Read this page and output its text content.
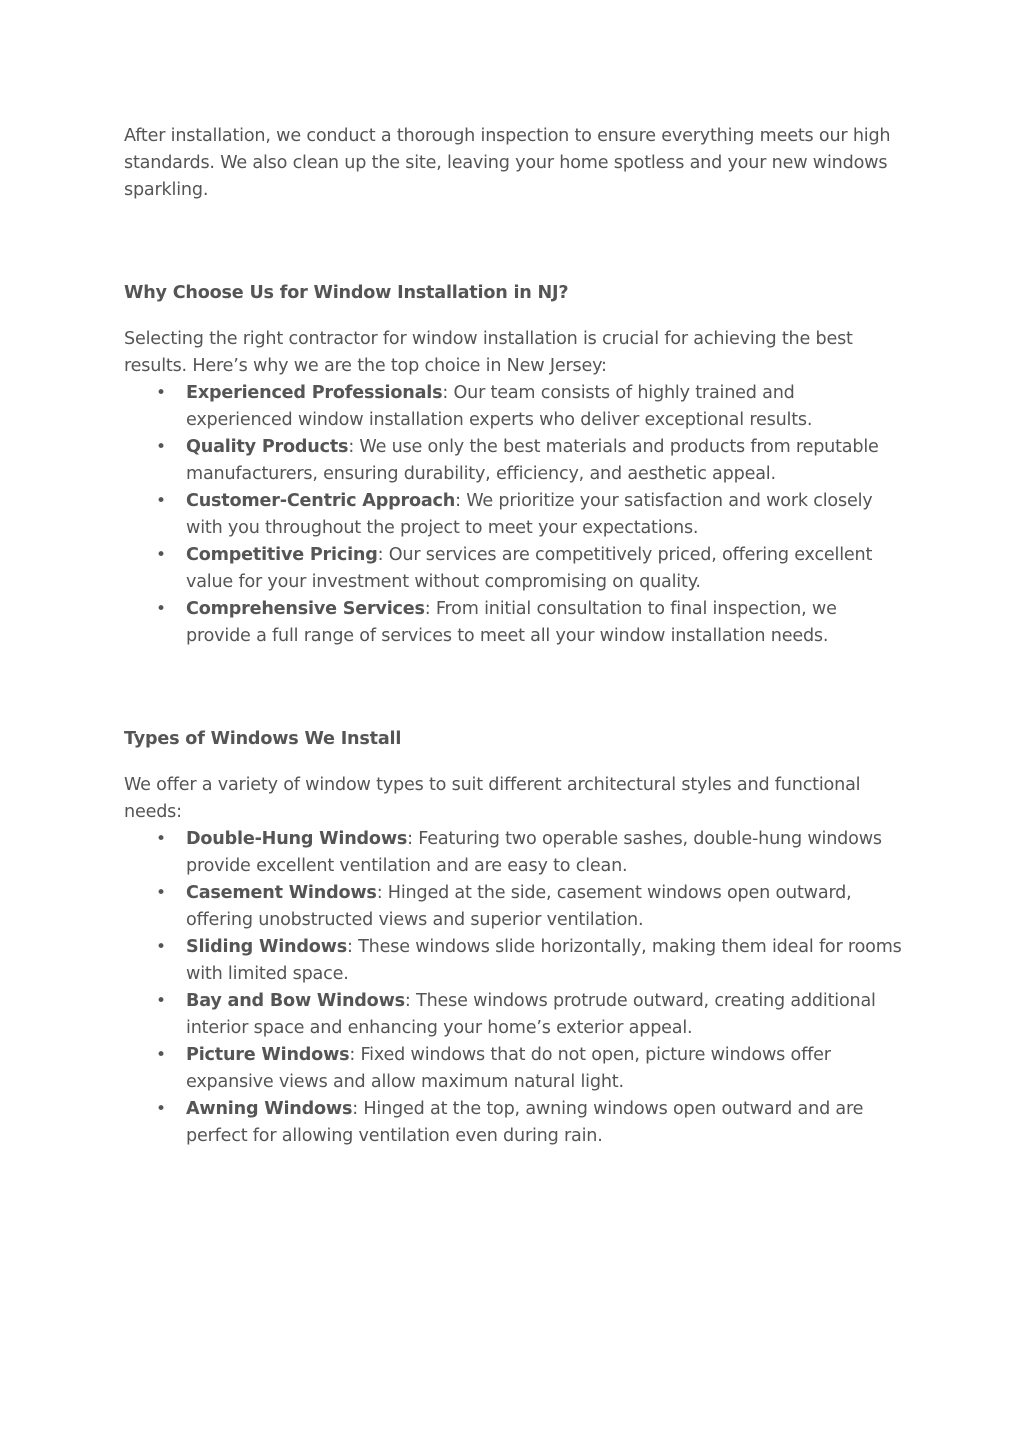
After installation, we conduct a thorough inspection to ensure everything meets our high standards. We also clean up the site, leaving your home spotless and your new windows sparkling.

Why Choose Us for Window Installation in NJ?

Selecting the right contractor for window installation is crucial for achieving the best results. Here’s why we are the top choice in New Jersey:

• Experienced Professionals: Our team consists of highly trained and experienced window installation experts who deliver exceptional results.
• Quality Products: We use only the best materials and products from reputable manufacturers, ensuring durability, efficiency, and aesthetic appeal.
• Customer-Centric Approach: We prioritize your satisfaction and work closely with you throughout the project to meet your expectations.
• Competitive Pricing: Our services are competitively priced, offering excellent value for your investment without compromising on quality.
• Comprehensive Services: From initial consultation to final inspection, we provide a full range of services to meet all your window installation needs.
Types of Windows We Install

We offer a variety of window types to suit different architectural styles and functional needs:

• Double-Hung Windows: Featuring two operable sashes, double-hung windows provide excellent ventilation and are easy to clean.
• Casement Windows: Hinged at the side, casement windows open outward, offering unobstructed views and superior ventilation.
• Sliding Windows: These windows slide horizontally, making them ideal for rooms with limited space.
• Bay and Bow Windows: These windows protrude outward, creating additional interior space and enhancing your home’s exterior appeal.
• Picture Windows: Fixed windows that do not open, picture windows offer expansive views and allow maximum natural light.
• Awning Windows: Hinged at the top, awning windows open outward and are perfect for allowing ventilation even during rain.
